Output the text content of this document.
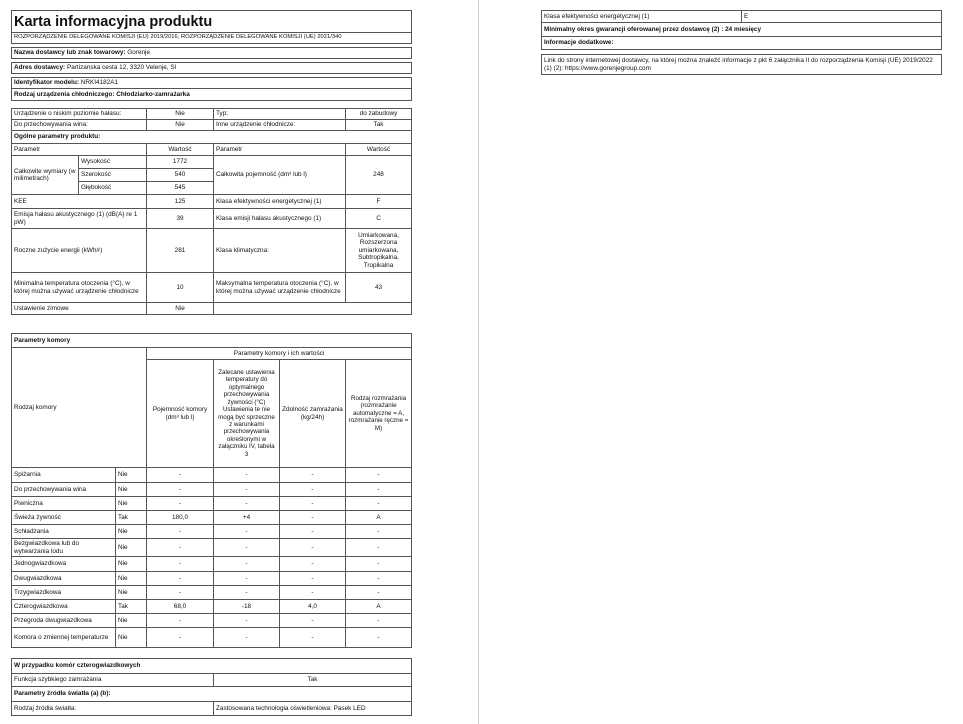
Karta informacyjna produktu
ROZPORZĄDZENIE DELEGOWANE KOMISJI (EU) 2019/2016, ROZPORZĄDZENIE DELEGOWANE KOMISJI (UE) 2021/340

Nazwa dostawcy lub znak towarowy: Gorenje

Adres dostawcy: Partizanska cesta 12, 3320 Velenje, SI

Identyfikator modelu: NRKI4182A1
Rodzaj urządzenia chłodniczego: Chłodziarko-zamrażarka
Urządzenie o niskim poziomie hałasu:		Nie	Typ:	do zabudowy
Do przechowywania wina:		Nie	Inne urządzenie chłodnicze:	Tak
Ogólne parametry produktu:				
Parametr		Wartość	Parametr	Wartość
Całkowite wymiary (w milimetrach)	Wysokość	1772	Całkowita pojemność (dm³ lub l)	248
	Szerokość	540		
	Głębokość	545		
KEE		125	Klasa efektywności energetycznej (1)	F
Emisja hałasu akustycznego (1) (dB(A) re 1 pW)		39	Klasa emisji hałasu akustycznego (1)	C
Roczne zużycie energii (kWh/r)		281	Klasa klimatyczna:	Umiarkowana, Rozszerzona umiarkowana, Subtropikalna, Tropikalna
Minimalna temperatura otoczenia (°C), w której można używać urządzenie chłodnicze		10	Maksymalna temperatura otoczenia (°C), w której można używać urządzenie chłodnicze	43
Ustawienie zimowe		Nie		
Parametry komory					
Rodzaj komory		Parametry komory i ich wartości			
		Pojemność komory (dm³ lub l)	Zalecane ustawienia temperatury do optymalnego przechowywania żywności (°C) Ustawienia te nie mogą być sprzeczne z warunkami przechowywania określonymi w załączniku IV, tabela 3	Zdolność zamrażania (kg/24h)	Rodzaj rozmrażania (rozmrażanie automatyczne = A, rozmrażanie ręczne = M)
Spiżarnia	Nie	-	-	-	-
Do przechowywania wina	Nie	-	-	-	-
Piwniczna	Nie	-	-	-	-
Świeża żywność	Tak	180,0	+4	-	A
Schładzania	Nie	-	-	-	-
Bezgwiazdkowa lub do wytwarzania lodu	Nie	-	-	-	-
Jednogwiazdkowa	Nie	-	-	-	-
Dwugwiazdkowa	Nie	-	-	-	-
Trzygwiazdkowa	Nie	-	-	-	-
Czterogwiazdkowa	Tak	68,0	-18	4,0	A
Przegroda dwugwiazdkowa	Nie	-	-	-	-
Komora o zmiennej temperaturze	Nie	-	-	-	-
W przypadku komór czterogwiazdkowych	
Funkcja szybkiego zamrażania	Tak
Parametry źródła światła (a) (b):	
Rodzaj źródła światła:	Zastosowana technologia oświetleniowa: Pasek LED
Klasa efektywności energetycznej (1)	E
Minimalny okres gwarancji oferowanej przez dostawcę (2) : 24 miesięcy
Informacje dodatkowe:

Link do strony internetowej dostawcy, na której można znaleźć informacje z pkt 6 załącznika II do rozporządzenia Komisji (UE) 2019/2022 (1) (2): https://www.gorenjegroup.com
